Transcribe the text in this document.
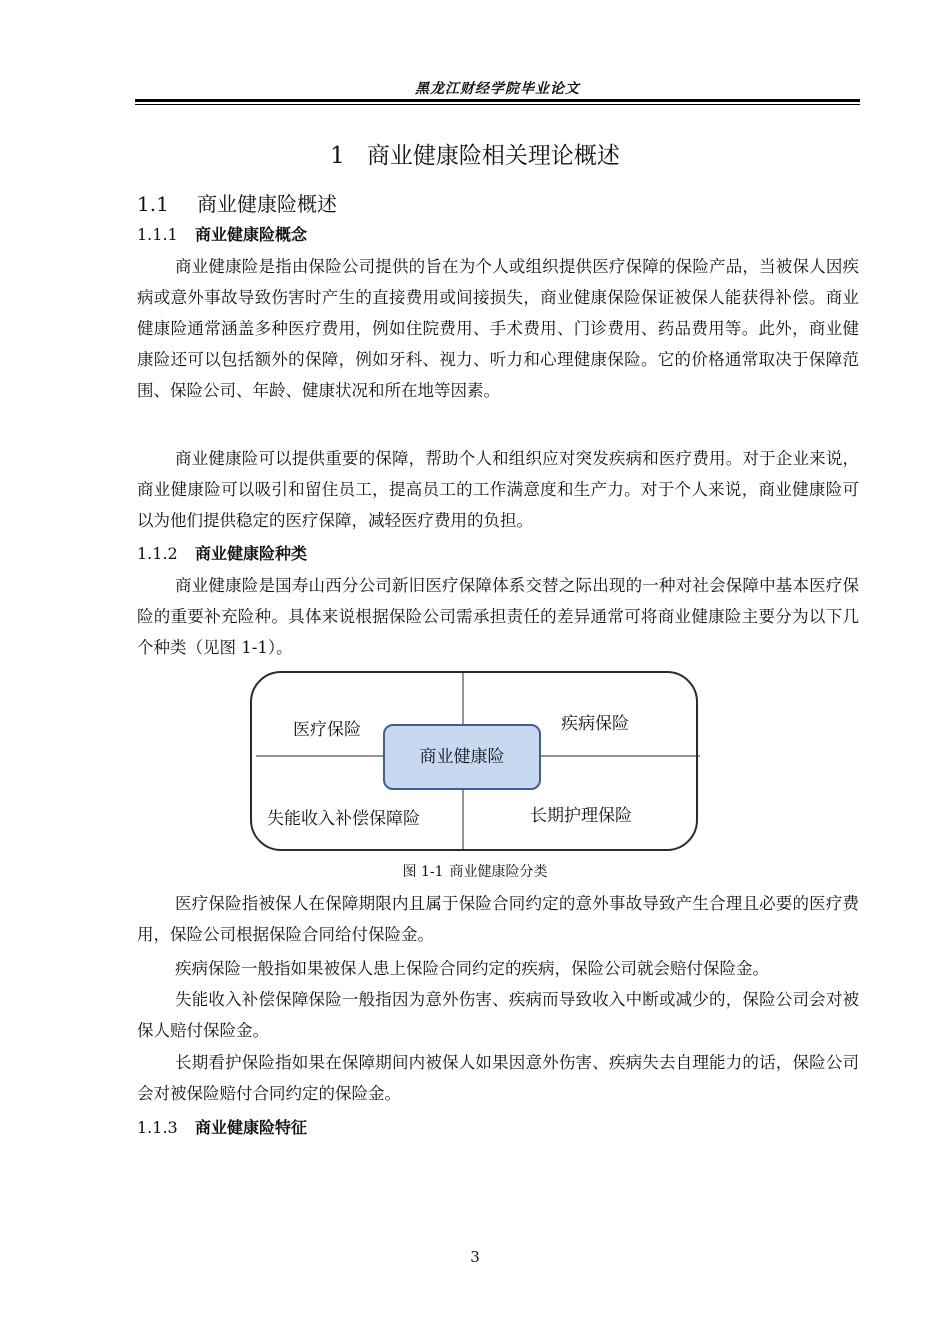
黑龙江财经学院毕业论文
1 商业健康险相关理论概述
1.1 商业健康险概述
1.1.1 商业健康险概念

商业健康险是指由保险公司提供的旨在为个人或组织提供医疗保障的保险产品，当被保人因疾病或意外事故导致伤害时产生的直接费用或间接损失，商业健康保险保证被保人能获得补偿。商业健康险通常涵盖多种医疗费用，例如住院费用、手术费用、门诊费用、药品费用等。此外，商业健康险还可以包括额外的保障，例如牙科、视力、听力和心理健康保险。它的价格通常取决于保障范围、保险公司、年龄、健康状况和所在地等因素。

商业健康险可以提供重要的保障，帮助个人和组织应对突发疾病和医疗费用。对于企业来说，商业健康险可以吸引和留住员工，提高员工的工作满意度和生产力。对于个人来说，商业健康险可以为他们提供稳定的医疗保障，减轻医疗费用的负担。

1.1.2 商业健康险种类

商业健康险是国寿山西分公司新旧医疗保障体系交替之际出现的一种对社会保障中基本医疗保险的重要补充险种。具体来说根据保险公司需承担责任的差异通常可将商业健康险主要分为以下几个种类（见图 1-1）。

医疗保险	疾病保险
商业健康险
失能收入补偿保障险	长期护理保险
图 1-1 商业健康险分类

医疗保险指被保人在保障期限内且属于保险合同约定的意外事故导致产生合理且必要的医疗费用，保险公司根据保险合同给付保险金。

疾病保险一般指如果被保人患上保险合同约定的疾病，保险公司就会赔付保险金。

失能收入补偿保障保险一般指因为意外伤害、疾病而导致收入中断或减少的，保险公司会对被保人赔付保险金。

长期看护保险指如果在保障期间内被保人如果因意外伤害、疾病失去自理能力的话，保险公司会对被保险赔付合同约定的保险金。

1.1.3 商业健康险特征
3
